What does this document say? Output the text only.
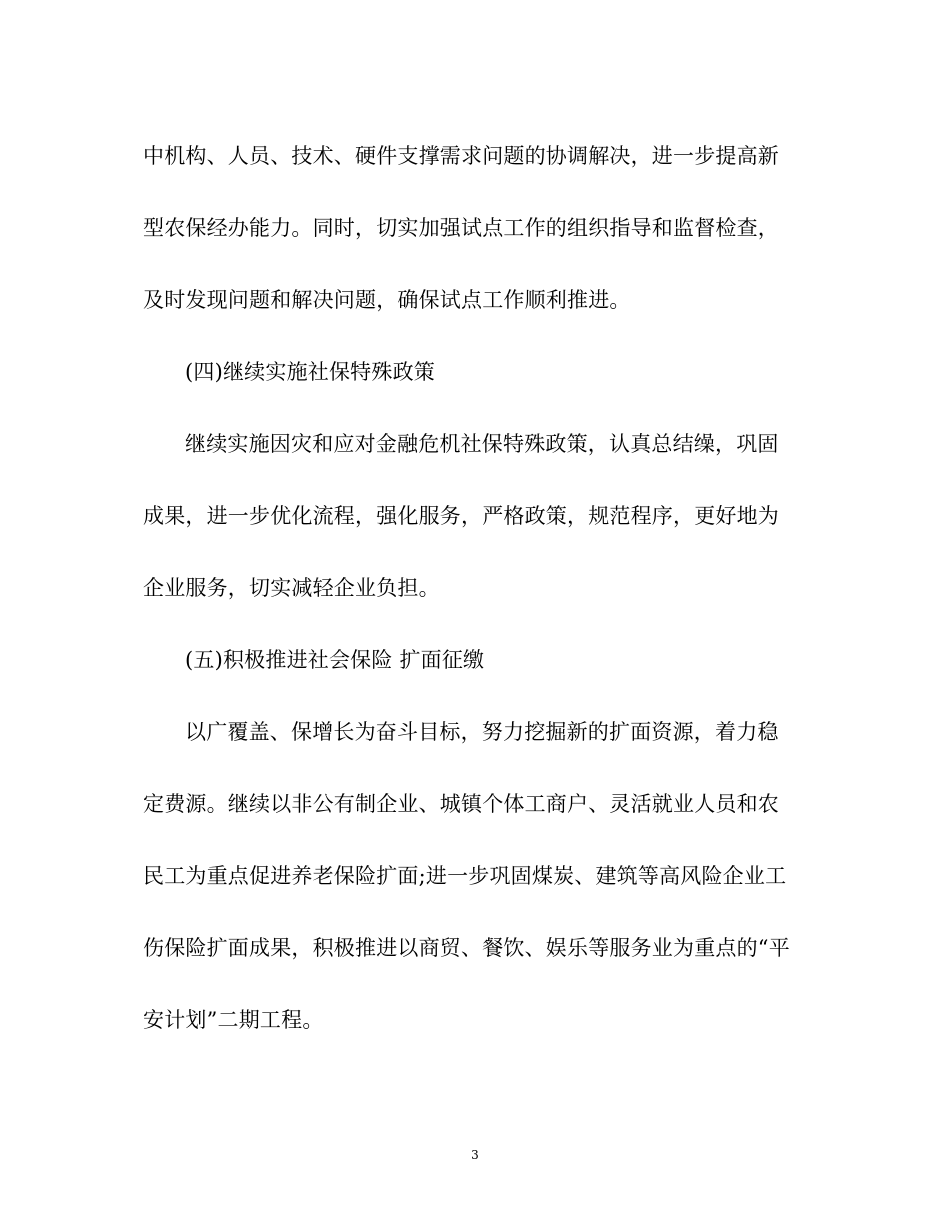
中机构、人员、技术、硬件支撑需求问题的协调解决，进一步提高新
型农保经办能力。同时，切实加强试点工作的组织指导和监督检查，
及时发现问题和解决问题，确保试点工作顺利推进。
(四)继续实施社保特殊政策
继续实施因灾和应对金融危机社保特殊政策，认真总结缲，巩固
成果，进一步优化流程，强化服务，严格政策，规范程序，更好地为
企业服务，切实减轻企业负担。
(五)积极推进社会保险 扩面征缴
以广覆盖、保增长为奋斗目标，努力挖掘新的扩面资源，着力稳
定费源。继续以非公有制企业、城镇个体工商户、灵活就业人员和农
民工为重点促进养老保险扩面;进一步巩固煤炭、建筑等高风险企业工
伤保险扩面成果，积极推进以商贸、餐饮、娱乐等服务业为重点的“平
安计划”二期工程。
3
